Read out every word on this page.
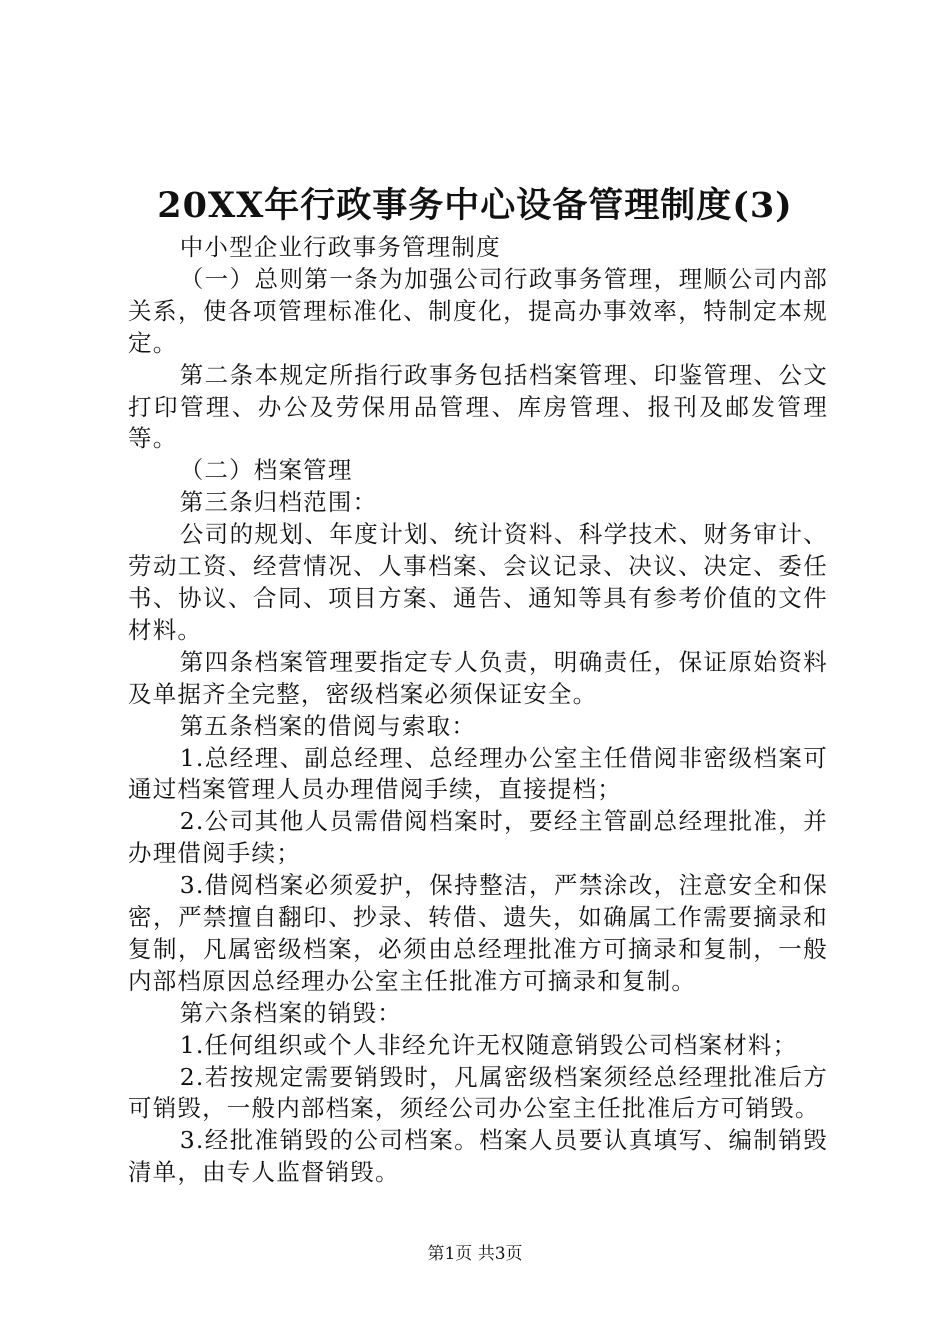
20XX年行政事务中心设备管理制度(3)

中小型企业行政事务管理制度

（一）总则第一条为加强公司行政事务管理，理顺公司内部关系，使各项管理标准化、制度化，提高办事效率，特制定本规定。

第二条本规定所指行政事务包括档案管理、印鉴管理、公文打印管理、办公及劳保用品管理、库房管理、报刊及邮发管理等。

（二）档案管理

第三条归档范围：

公司的规划、年度计划、统计资料、科学技术、财务审计、劳动工资、经营情况、人事档案、会议记录、决议、决定、委任书、协议、合同、项目方案、通告、通知等具有参考价值的文件材料。

第四条档案管理要指定专人负责，明确责任，保证原始资料及单据齐全完整，密级档案必须保证安全。

第五条档案的借阅与索取：

1.总经理、副总经理、总经理办公室主任借阅非密级档案可通过档案管理人员办理借阅手续，直接提档；

2.公司其他人员需借阅档案时，要经主管副总经理批准，并办理借阅手续；

3.借阅档案必须爱护，保持整洁，严禁涂改，注意安全和保密，严禁擅自翻印、抄录、转借、遗失，如确属工作需要摘录和复制，凡属密级档案，必须由总经理批准方可摘录和复制，一般内部档原因总经理办公室主任批准方可摘录和复制。

第六条档案的销毁：

1.任何组织或个人非经允许无权随意销毁公司档案材料；

2.若按规定需要销毁时，凡属密级档案须经总经理批准后方可销毁，一般内部档案，须经公司办公室主任批准后方可销毁。

3.经批准销毁的公司档案。档案人员要认真填写、编制销毁清单，由专人监督销毁。

第1页 共3页
